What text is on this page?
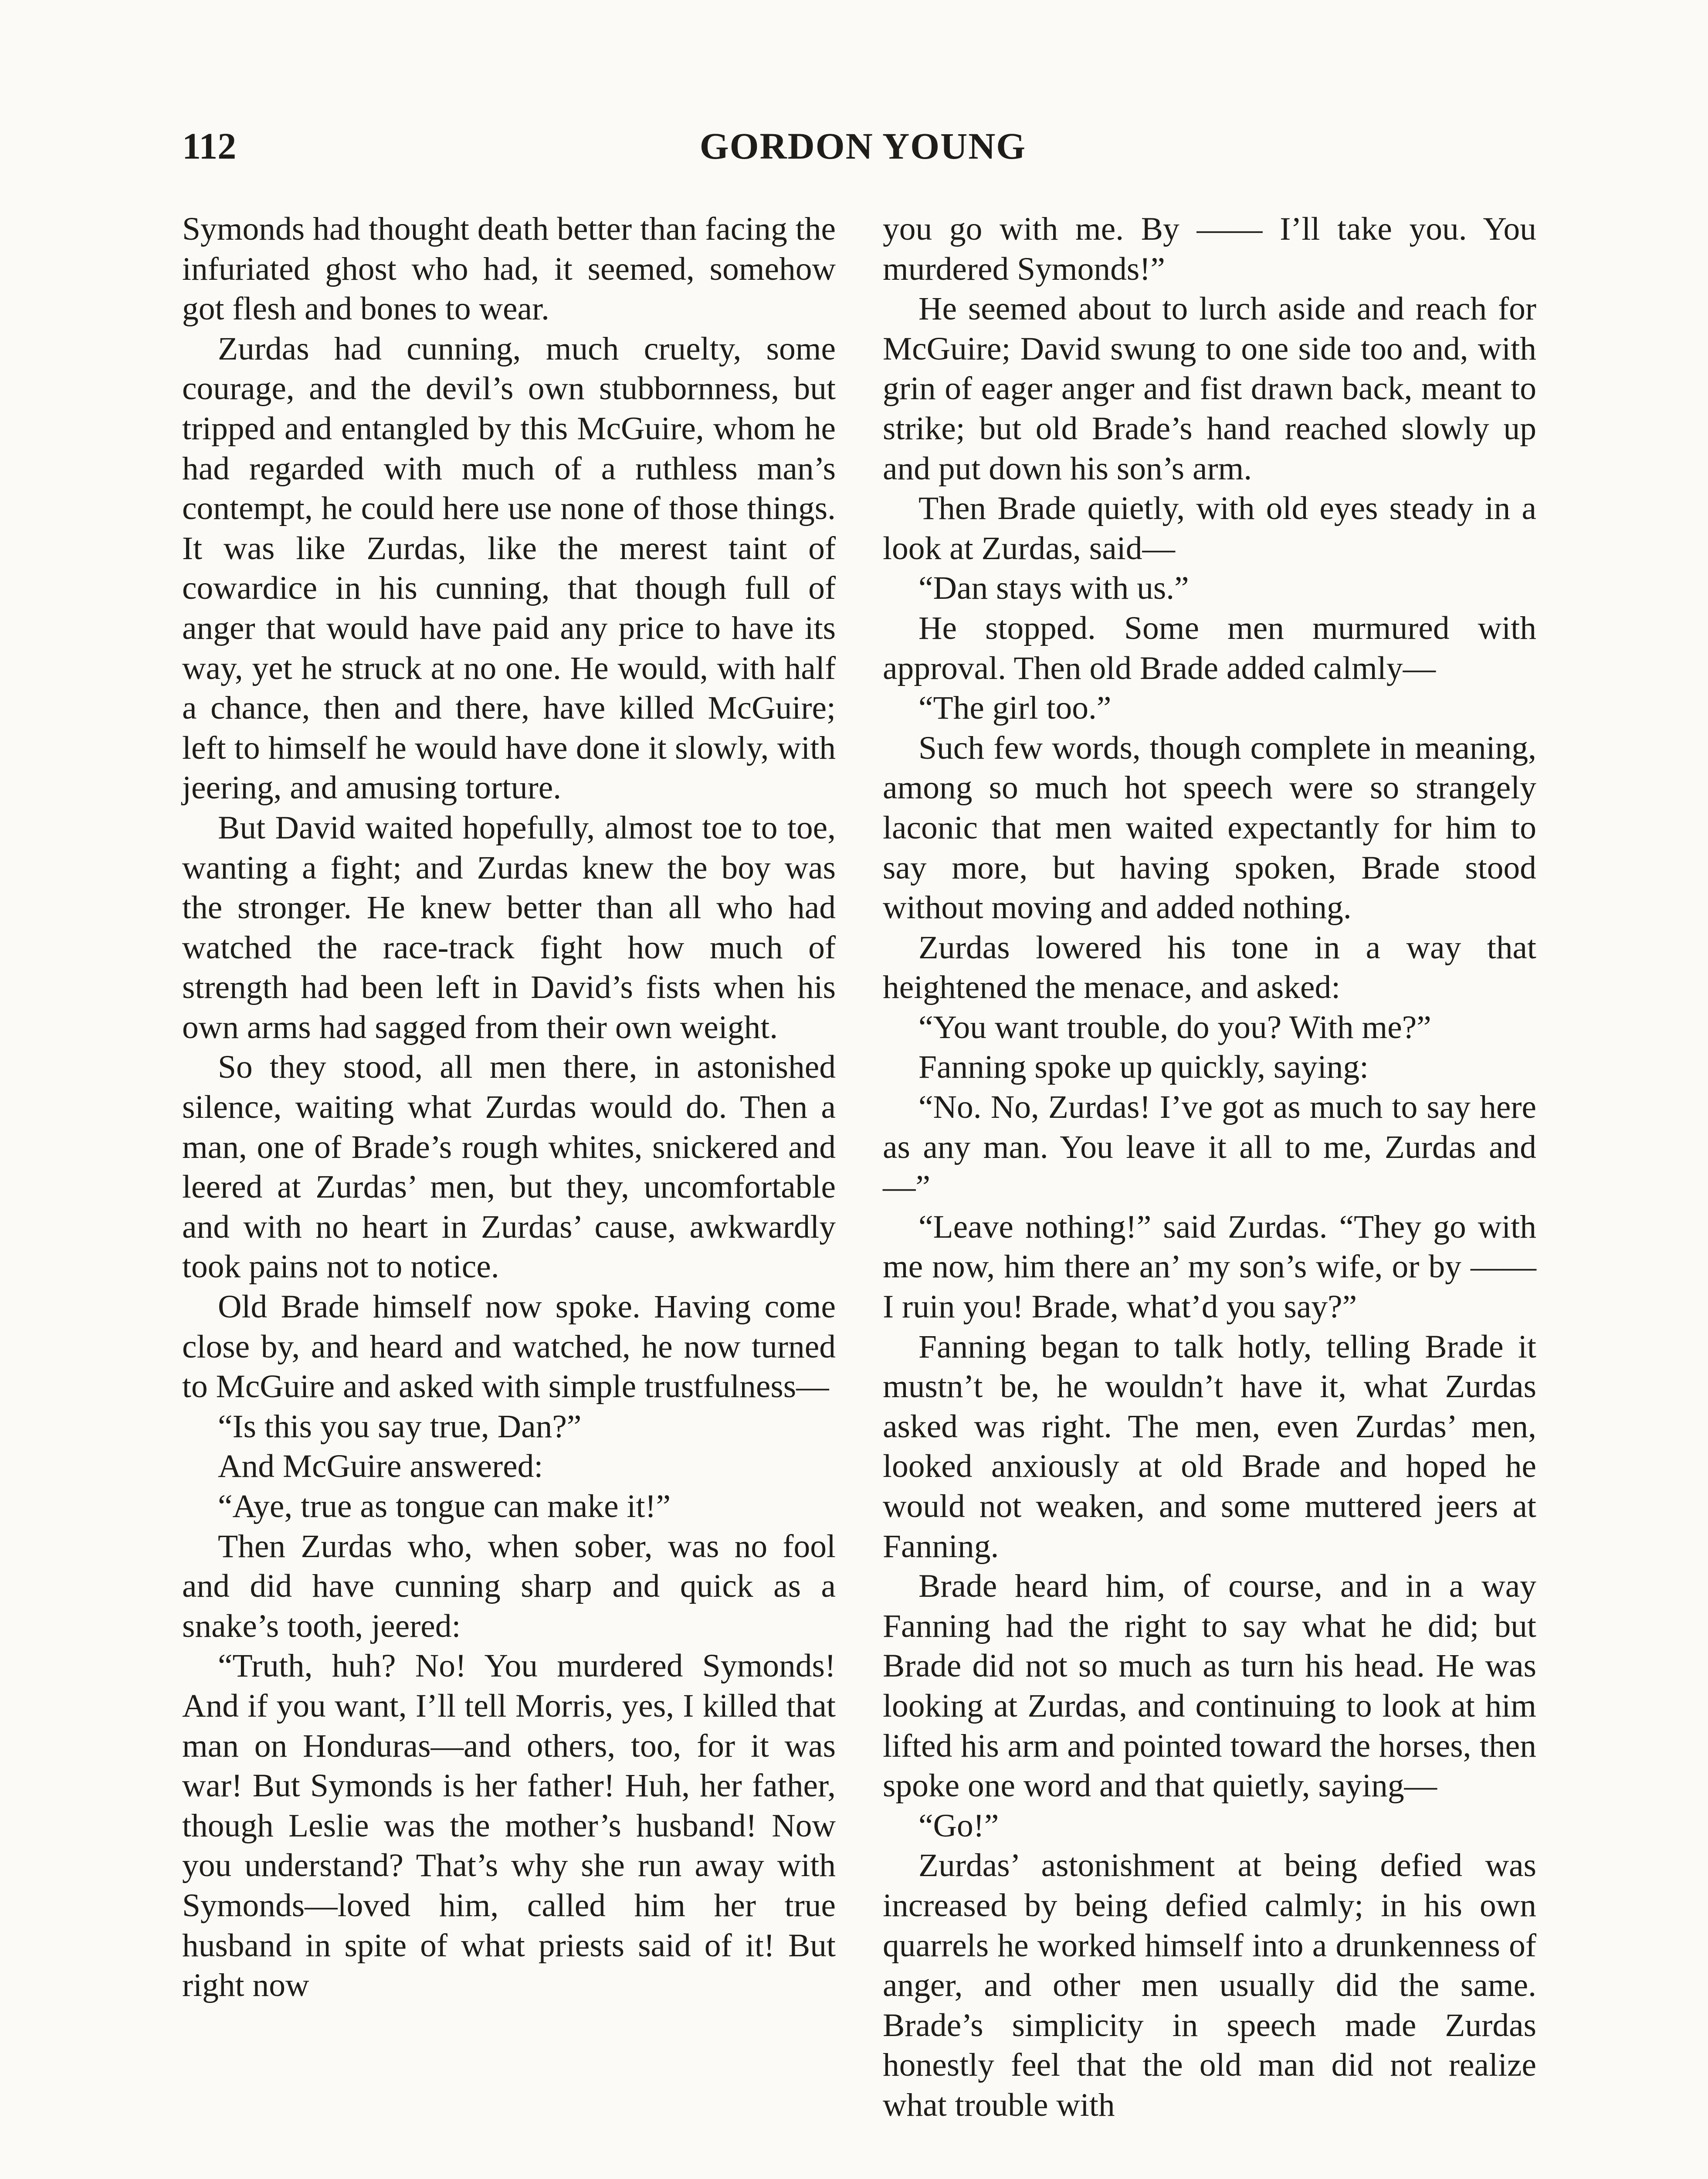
112	GORDON YOUNG

Symonds had thought death better than facing the infuriated ghost who had, it seemed, somehow got flesh and bones to wear.

Zurdas had cunning, much cruelty, some courage, and the devil’s own stubbornness, but tripped and entangled by this McGuire, whom he had regarded with much of a ruthless man’s contempt, he could here use none of those things. It was like Zurdas, like the merest taint of cowardice in his cunning, that though full of anger that would have paid any price to have its way, yet he struck at no one. He would, with half a chance, then and there, have killed McGuire; left to himself he would have done it slowly, with jeering, and amusing torture.

But David waited hopefully, almost toe to toe, wanting a fight; and Zurdas knew the boy was the stronger. He knew better than all who had watched the race-track fight how much of strength had been left in David’s fists when his own arms had sagged from their own weight.

So they stood, all men there, in astonished silence, waiting what Zurdas would do. Then a man, one of Brade’s rough whites, snickered and leered at Zurdas’ men, but they, uncomfortable and with no heart in Zurdas’ cause, awkwardly took pains not to notice.

Old Brade himself now spoke. Having come close by, and heard and watched, he now turned to McGuire and asked with simple trustfulness—

“Is this you say true, Dan?”

And McGuire answered:

“Aye, true as tongue can make it!”

Then Zurdas who, when sober, was no fool and did have cunning sharp and quick as a snake’s tooth, jeered:

“Truth, huh? No! You murdered Symonds! And if you want, I’ll tell Morris, yes, I killed that man on Honduras—and others, too, for it was war! But Symonds is her father! Huh, her father, though Leslie was the mother’s husband! Now you understand? That’s why she run away with Symonds—loved him, called him her true husband in spite of what priests said of it! But right now

you go with me. By —— I’ll take you. You murdered Symonds!”

He seemed about to lurch aside and reach for McGuire; David swung to one side too and, with grin of eager anger and fist drawn back, meant to strike; but old Brade’s hand reached slowly up and put down his son’s arm.

Then Brade quietly, with old eyes steady in a look at Zurdas, said—

“Dan stays with us.”

He stopped. Some men murmured with approval. Then old Brade added calmly—

“The girl too.”

Such few words, though complete in meaning, among so much hot speech were so strangely laconic that men waited expectantly for him to say more, but having spoken, Brade stood without moving and added nothing.

Zurdas lowered his tone in a way that heightened the menace, and asked:

“You want trouble, do you? With me?”

Fanning spoke up quickly, saying:

“No. No, Zurdas! I’ve got as much to say here as any man. You leave it all to me, Zurdas and—”

“Leave nothing!” said Zurdas. “They go with me now, him there an’ my son’s wife, or by —— I ruin you! Brade, what’d you say?”

Fanning began to talk hotly, telling Brade it mustn’t be, he wouldn’t have it, what Zurdas asked was right. The men, even Zurdas’ men, looked anxiously at old Brade and hoped he would not weaken, and some muttered jeers at Fanning.

Brade heard him, of course, and in a way Fanning had the right to say what he did; but Brade did not so much as turn his head. He was looking at Zurdas, and continuing to look at him lifted his arm and pointed toward the horses, then spoke one word and that quietly, saying—

“Go!”

Zurdas’ astonishment at being defied was increased by being defied calmly; in his own quarrels he worked himself into a drunkenness of anger, and other men usually did the same. Brade’s simplicity in speech made Zurdas honestly feel that the old man did not realize what trouble with
